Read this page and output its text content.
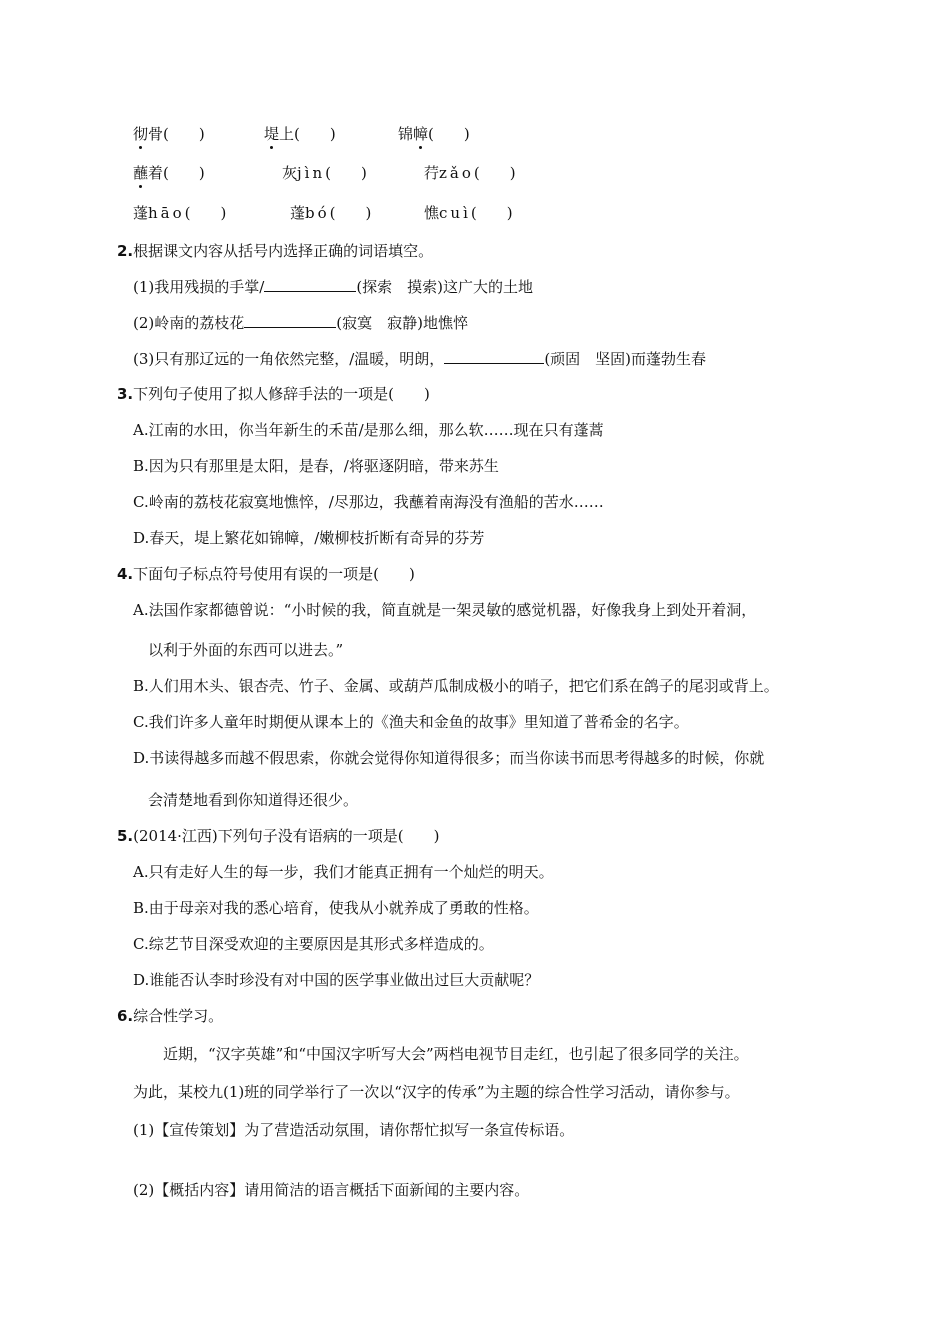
彻骨(　　)	堤上(　　)	锦幛(　　)
蘸着(　　)	灰jìn(　　)	荇zǎo(　　)
蓬hāo(　　)	蓬bó(　　)	憔cuì(　　)
2.根据课文内容从括号内选择正确的词语填空。
(1)我用残损的手掌/	(探索　摸索)这广大的土地
(2)岭南的荔枝花	(寂寞　寂静)地憔悴
(3)只有那辽远的一角依然完整，/温暖，明朗，	(顽固　坚固)而蓬勃生春
3.下列句子使用了拟人修辞手法的一项是(　　)
A.江南的水田，你当年新生的禾苗/是那么细，那么软……现在只有蓬蒿
B.因为只有那里是太阳，是春，/将驱逐阴暗，带来苏生
C.岭南的荔枝花寂寞地憔悴，/尽那边，我蘸着南海没有渔船的苦水……
D.春天，堤上繁花如锦幛，/嫩柳枝折断有奇异的芬芳
4.下面句子标点符号使用有误的一项是(　　)
A.法国作家都德曾说：“小时候的我，简直就是一架灵敏的感觉机器，好像我身上到处开着洞，
以利于外面的东西可以进去。”
B.人们用木头、银杏壳、竹子、金属、或葫芦瓜制成极小的哨子，把它们系在鸽子的尾羽或背上。
C.我们许多人童年时期便从课本上的《渔夫和金鱼的故事》里知道了普希金的名字。
D.书读得越多而越不假思索，你就会觉得你知道得很多；而当你读书而思考得越多的时候，你就
会清楚地看到你知道得还很少。
5.(2014·江西)下列句子没有语病的一项是(　　)
A.只有走好人生的每一步，我们才能真正拥有一个灿烂的明天。
B.由于母亲对我的悉心培育，使我从小就养成了勇敢的性格。
C.综艺节目深受欢迎的主要原因是其形式多样造成的。
D.谁能否认李时珍没有对中国的医学事业做出过巨大贡献呢？
6.综合性学习。
近期，“汉字英雄”和“中国汉字听写大会”两档电视节目走红，也引起了很多同学的关注。
为此，某校九(1)班的同学举行了一次以“汉字的传承”为主题的综合性学习活动，请你参与。
(1)【宣传策划】为了营造活动氛围，请你帮忙拟写一条宣传标语。
(2)【概括内容】请用简洁的语言概括下面新闻的主要内容。
